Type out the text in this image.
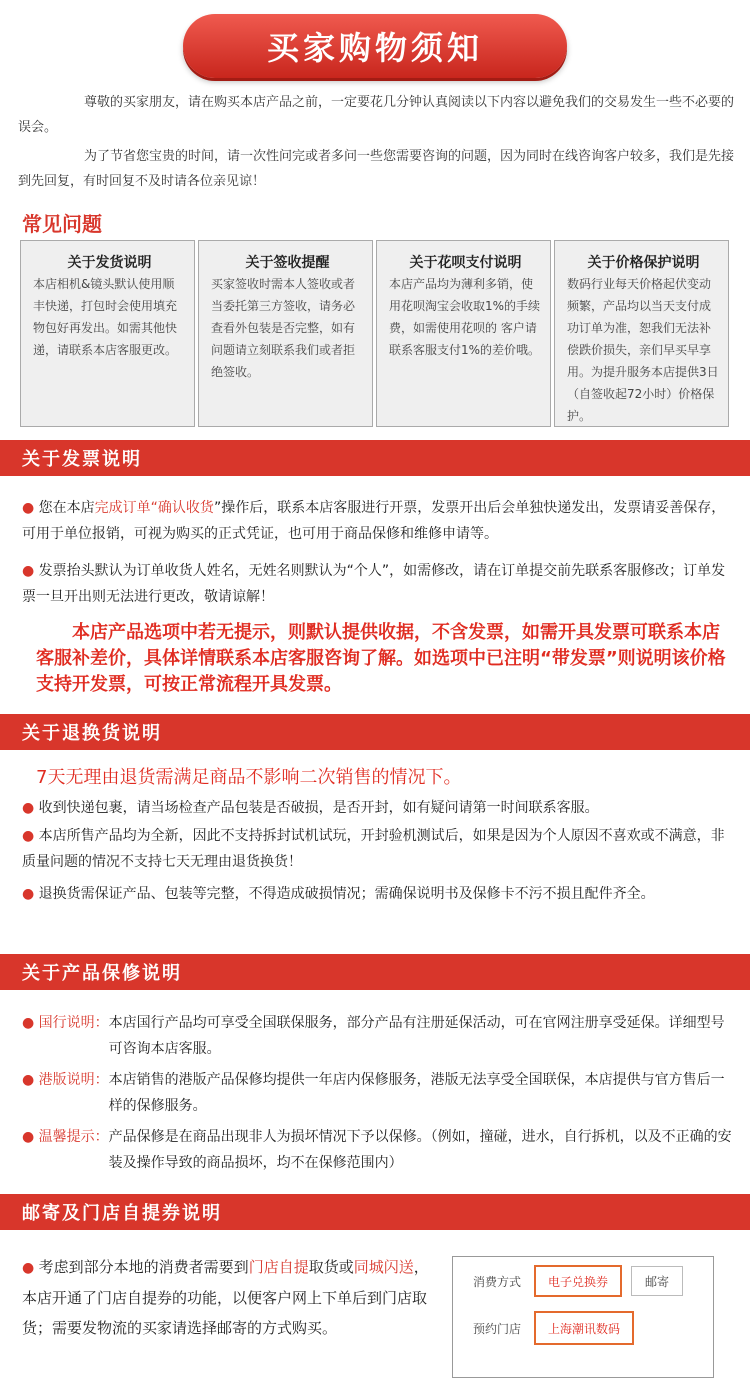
买家购物须知

尊敬的买家朋友，请在购买本店产品之前，一定要花几分钟认真阅读以下内容以避免我们的交易发生一些不必要的误会。

为了节省您宝贵的时间，请一次性问完或者多问一些您需要咨询的问题，因为同时在线咨询客户较多，我们是先接到先回复，有时回复不及时请各位亲见谅！

常见问题
关于发货说明
本店相机&镜头默认使用顺丰快递，打包时会使用填充物包好再发出。如需其他快递，请联系本店客服更改。
关于签收提醒
买家签收时需本人签收或者当委托第三方签收，请务必查看外包装是否完整，如有问题请立刻联系我们或者拒绝签收。
关于花呗支付说明
本店产品均为薄利多销，使用花呗淘宝会收取1%的手续费，如需使用花呗的 客户请联系客服支付1%的差价哦。
关于价格保护说明
数码行业每天价格起伏变动频繁，产品均以当天支付成功订单为准，恕我们无法补偿跌价损失，亲们早买早享用。为提升服务本店提供3日（自签收起72小时）价格保护。
关于发票说明

● 您在本店完成订单“确认收货”操作后，联系本店客服进行开票，发票开出后会单独快递发出，发票请妥善保存，可用于单位报销，可视为购买的正式凭证，也可用于商品保修和维修申请等。

● 发票抬头默认为订单收货人姓名，无姓名则默认为“个人”，如需修改，请在订单提交前先联系客服修改；订单发票一旦开出则无法进行更改，敬请谅解！

本店产品选项中若无提示，则默认提供收据，不含发票，如需开具发票可联系本店客服补差价，具体详情联系本店客服咨询了解。如选项中已注明“带发票”则说明该价格支持开发票，可按正常流程开具发票。

关于退换货说明
7天无理由退货需满足商品不影响二次销售的情况下。

● 收到快递包裹，请当场检查产品包装是否破损，是否开封，如有疑问请第一时间联系客服。

● 本店所售产品均为全新，因此不支持拆封试机试玩，开封验机测试后，如果是因为个人原因不喜欢或不满意，非质量问题的情况不支持七天无理由退货换货！

● 退换货需保证产品、包装等完整，不得造成破损情况；需确保说明书及保修卡不污不损且配件齐全。

关于产品保修说明
● 国行说明： 本店国行产品均可享受全国联保服务，部分产品有注册延保活动，可在官网注册享受延保。详细型号可咨询本店客服。
● 港版说明： 本店销售的港版产品保修均提供一年店内保修服务，港版无法享受全国联保，本店提供与官方售后一样的保修服务。
● 温馨提示： 产品保修是在商品出现非人为损坏情况下予以保修。（例如，撞碰，进水，自行拆机，以及不正确的安装及操作导致的商品损坏，均不在保修范围内）
邮寄及门店自提券说明

● 考虑到部分本地的消费者需要到门店自提取货或同城闪送，本店开通了门店自提券的功能，以便客户网上下单后到门店取货；需要发物流的买家请选择邮寄的方式购买。

消费方式	电子兑换券	邮寄
预约门店	上海潮讯数码
